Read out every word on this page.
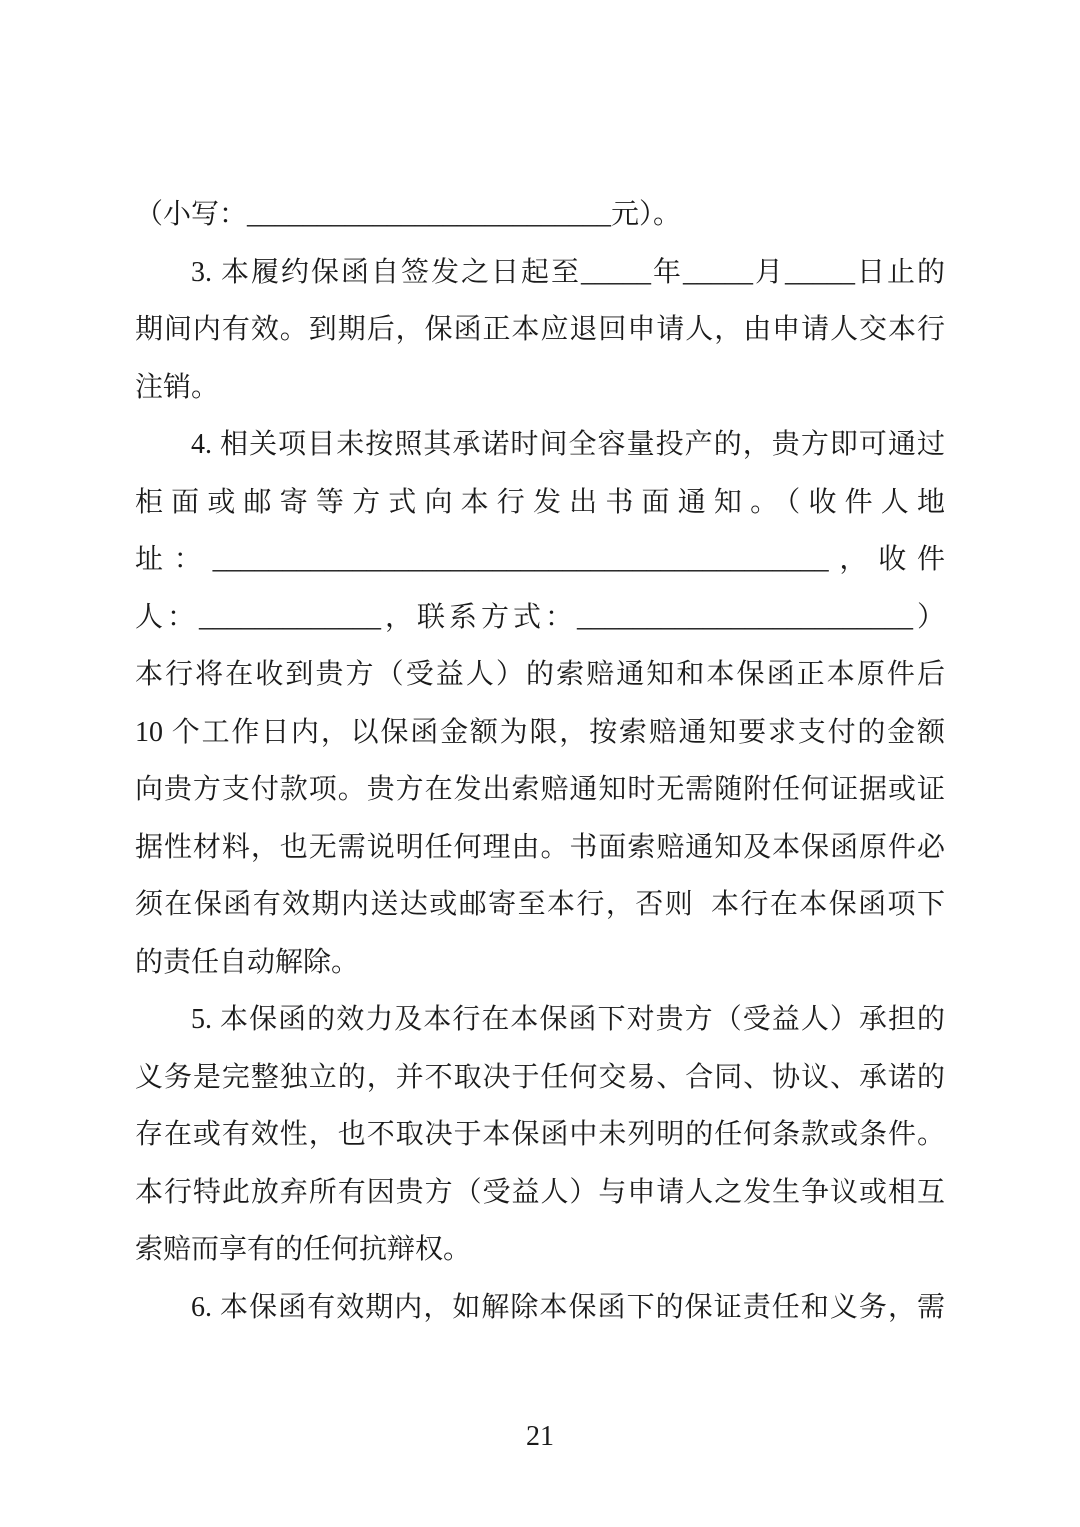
（小写：__________________________元）。
3. 本履约保函自签发之日起至_____年_____月_____日止的
期间内有效。到期后，保函正本应退回申请人，由申请人交本行
注销。
4. 相关项目未按照其承诺时间全容量投产的，贵方即可通过
柜面或邮寄等方式向本行发出书面通知。（收件人地
址：____________________________________________，收件
人：_____________，联系方式：________________________）
本行将在收到贵方（受益人）的索赔通知和本保函正本原件后
10 个工作日内，以保函金额为限，按索赔通知要求支付的金额
向贵方支付款项。贵方在发出索赔通知时无需随附任何证据或证
据性材料，也无需说明任何理由。书面索赔通知及本保函原件必
须在保函有效期内送达或邮寄至本行，否则  本行在本保函项下
的责任自动解除。
5. 本保函的效力及本行在本保函下对贵方（受益人）承担的
义务是完整独立的，并不取决于任何交易、合同、协议、承诺的
存在或有效性，也不取决于本保函中未列明的任何条款或条件。
本行特此放弃所有因贵方（受益人）与申请人之发生争议或相互
索赔而享有的任何抗辩权。
6. 本保函有效期内，如解除本保函下的保证责任和义务，需
21
